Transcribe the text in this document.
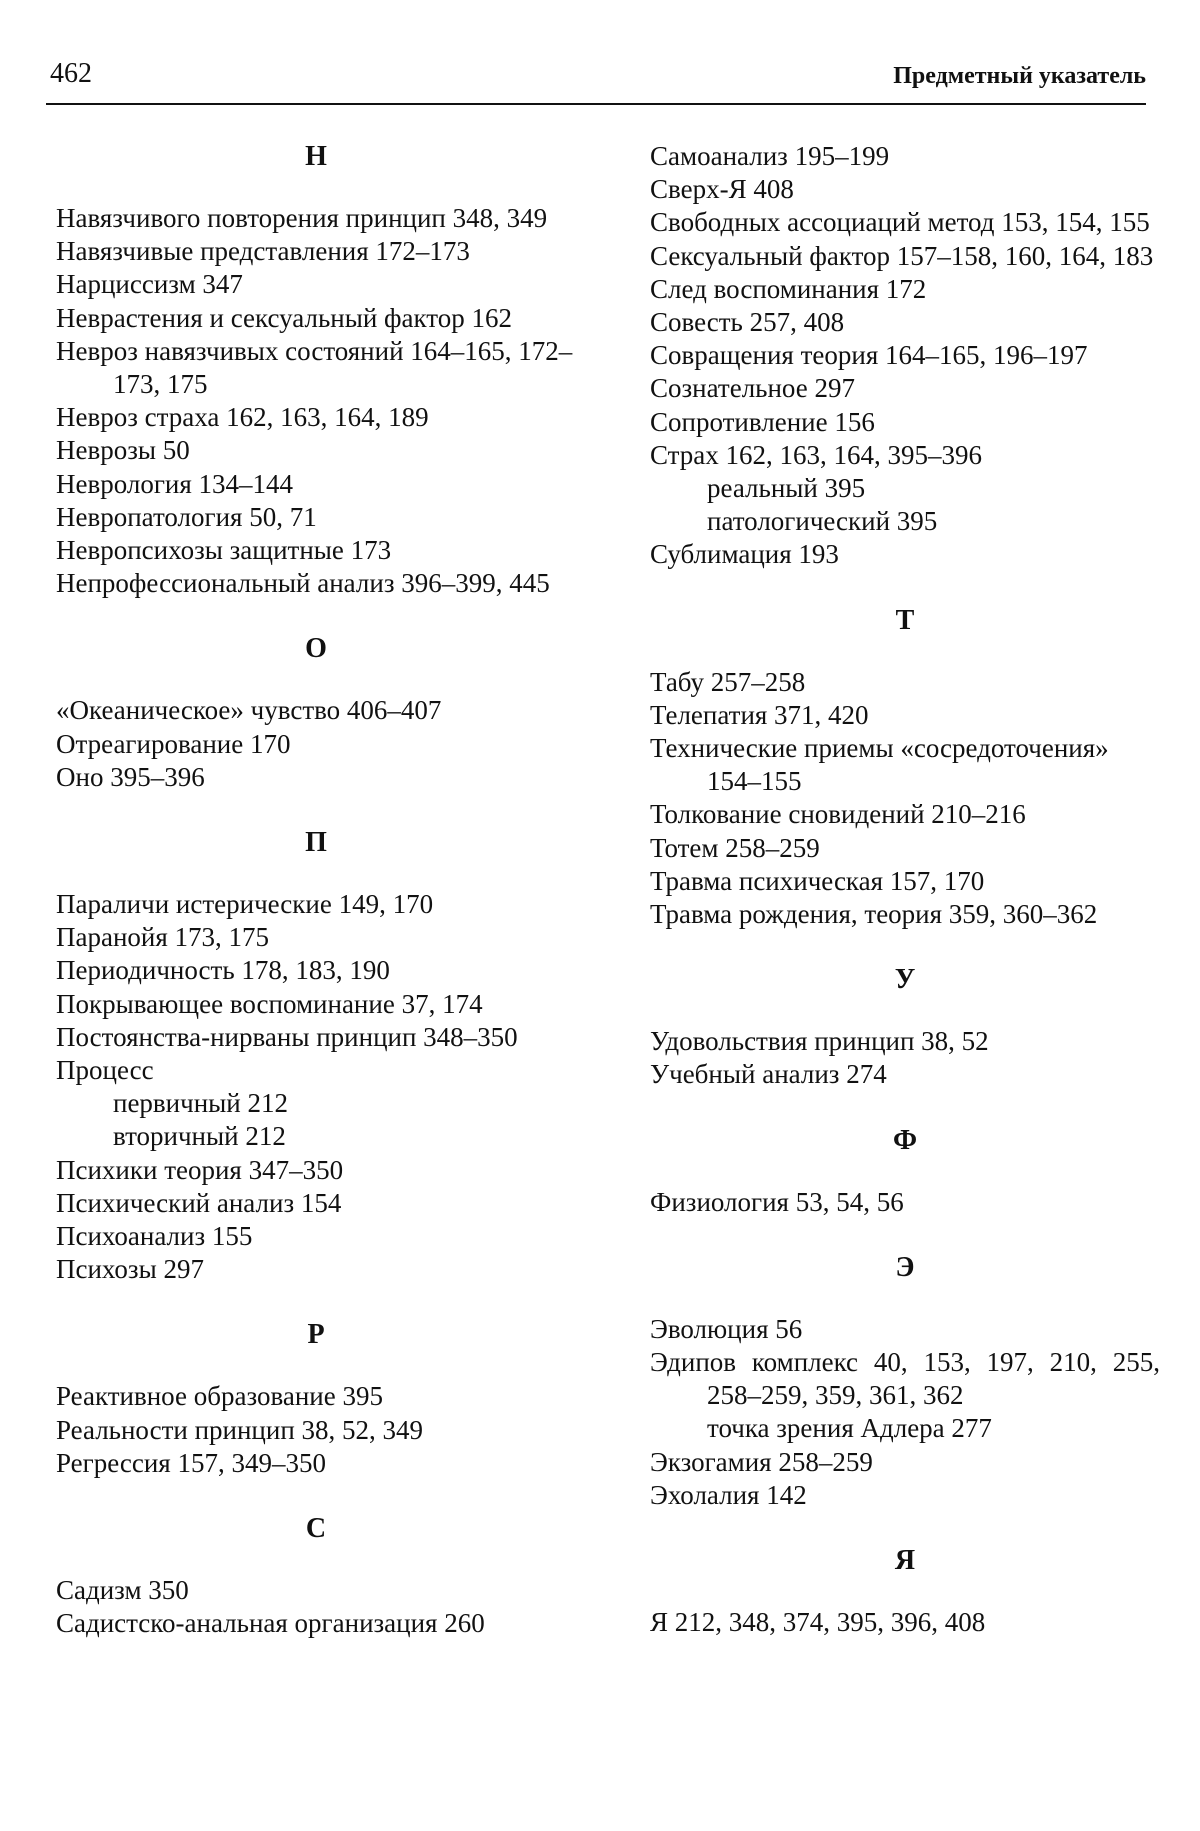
462	Предметный указатель

Н

Навязчивого повторения принцип 348, 349

Навязчивые представления 172–173

Нарциссизм 347

Неврастения и сексуальный фактор 162

Невроз навязчивых состояний 164–165, 172–173, 175

Невроз страха 162, 163, 164, 189

Неврозы 50

Неврология 134–144

Невропатология 50, 71

Невропсихозы защитные 173

Непрофессиональный анализ 396–399, 445

О

«Океаническое» чувство 406–407

Отреагирование 170

Оно 395–396

П

Параличи истерические 149, 170

Паранойя 173, 175

Периодичность 178, 183, 190

Покрывающее воспоминание 37, 174

Постоянства-нирваны принцип 348–350

Процесс

первичный 212

вторичный 212

Психики теория 347–350

Психический анализ 154

Психоанализ 155

Психозы 297

Р

Реактивное образование 395

Реальности принцип 38, 52, 349

Регрессия 157, 349–350

С

Садизм 350

Садистско-анальная организация 260

Самоанализ 195–199

Сверх-Я 408

Свободных ассоциаций метод 153, 154, 155

Сексуальный фактор 157–158, 160, 164, 183

След воспоминания 172

Совесть 257, 408

Совращения теория 164–165, 196–197

Сознательное 297

Сопротивление 156

Страх 162, 163, 164, 395–396

реальный 395

патологический 395

Сублимация 193

Т

Табу 257–258

Телепатия 371, 420

Технические приемы «сосредоточения» 154–155

Толкование сновидений 210–216

Тотем 258–259

Травма психическая 157, 170

Травма рождения, теория 359, 360–362

У

Удовольствия принцип 38, 52

Учебный анализ 274

Ф

Физиология 53, 54, 56

Э

Эволюция 56

Эдипов комплекс 40, 153, 197, 210, 255, 258–259, 359, 361, 362

точка зрения Адлера 277

Экзогамия 258–259

Эхолалия 142

Я

Я 212, 348, 374, 395, 396, 408
